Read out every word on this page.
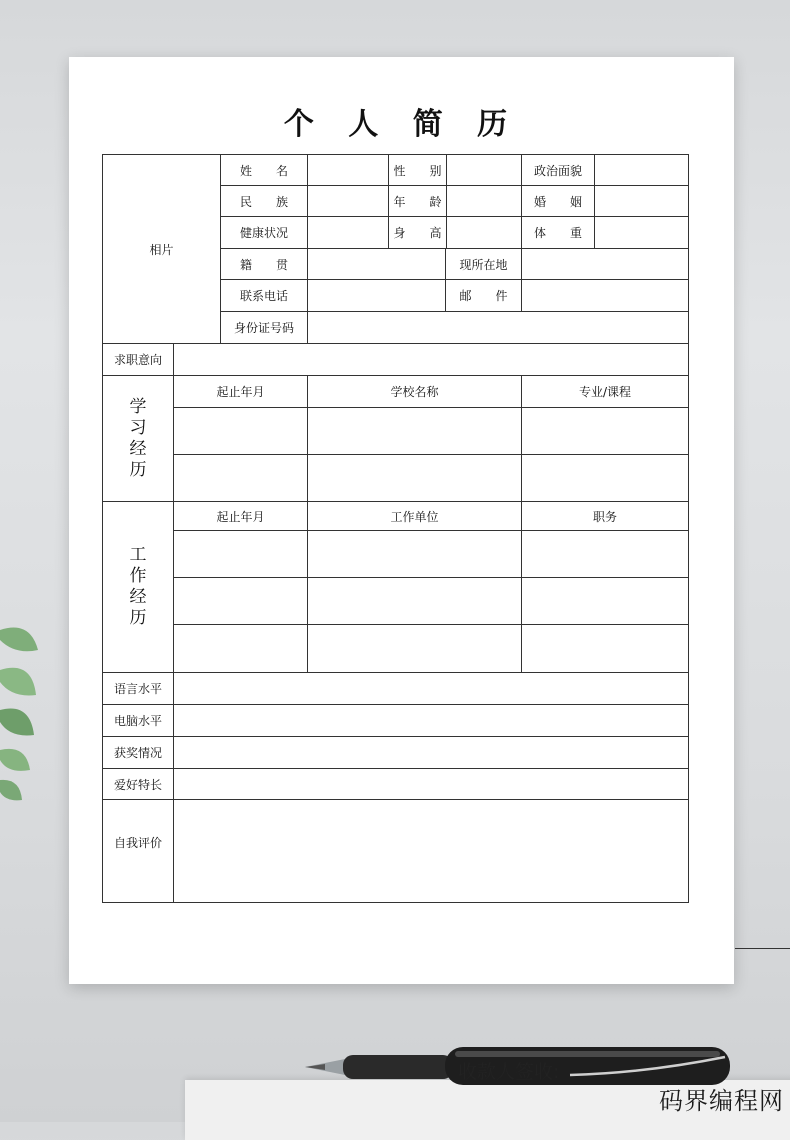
个 人 简 历
相片
姓　　名	性　　别	政治面貌
民　　族	年　　龄	婚　　姻
健康状况	身　　高	体　　重
籍　　贯	现所在地
联系电话	邮　　件
身份证号码
求职意向
学
习
经
历
起止年月	学校名称	专业/课程
工
作
经
历
起止年月	工作单位	职务
语言水平
电脑水平
获奖情况
爱好特长
自我评价
收款人签收:
码界编程网
